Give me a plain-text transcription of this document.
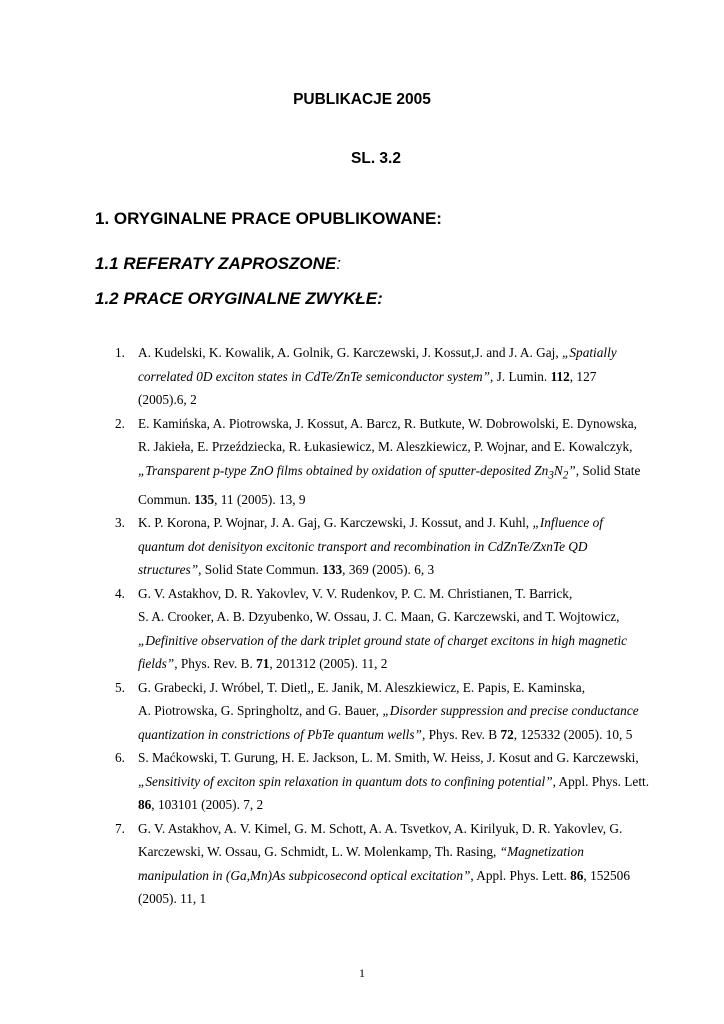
PUBLIKACJE 2005
SL. 3.2
1. ORYGINALNE PRACE OPUBLIKOWANE:
1.1 REFERATY ZAPROSZONE:
1.2 PRACE ORYGINALNE ZWYKŁE:
1. A. Kudelski, K. Kowalik, A. Golnik, G. Karczewski, J. Kossut,J. and J. A. Gaj, „Spatially
correlated 0D exciton states in CdTe/ZnTe semiconductor system”, J. Lumin. 112, 127
(2005).6, 2
2. E. Kamińska, A. Piotrowska, J. Kossut, A. Barcz, R. Butkute, W. Dobrowolski, E. Dynowska,
R. Jakieła, E. Przeździecka, R. Łukasiewicz, M. Aleszkiewicz, P. Wojnar, and E. Kowalczyk,
„Transparent p-type ZnO films obtained by oxidation of sputter-deposited $Zn_3N_2$”, Solid State
Commun. 135, 11 (2005). 13, 9
3. K. P. Korona, P. Wojnar, J. A. Gaj, G. Karczewski, J. Kossut, and J. Kuhl, „Influence of
quantum dot denisityon excitonic transport and recombination in CdZnTe/ZxnTe QD
structures”, Solid State Commun. 133, 369 (2005). 6, 3
4. G. V. Astakhov, D. R. Yakovlev, V. V. Rudenkov, P. C. M. Christianen, T. Barrick,
S. A. Crooker, A. B. Dzyubenko, W. Ossau, J. C. Maan, G. Karczewski, and T. Wojtowicz,
„Definitive observation of the dark triplet ground state of charget excitons in high magnetic
fields”, Phys. Rev. B. 71, 201312 (2005). 11, 2
5. G. Grabecki, J. Wróbel, T. Dietl,, E. Janik, M. Aleszkiewicz, E. Papis, E. Kaminska,
A. Piotrowska, G. Springholtz, and G. Bauer, „Disorder suppression and precise conductance
quantization in constrictions of PbTe quantum wells”, Phys. Rev. B 72, 125332 (2005). 10, 5
6. S. Maćkowski, T. Gurung, H. E. Jackson, L. M. Smith, W. Heiss, J. Kosut and G. Karczewski,
„Sensitivity of exciton spin relaxation in quantum dots to confining potential”, Appl. Phys. Lett.
86, 103101 (2005). 7, 2
7. G. V. Astakhov, A. V. Kimel, G. M. Schott, A. A. Tsvetkov, A. Kirilyuk, D. R. Yakovlev, G.
Karczewski, W. Ossau, G. Schmidt, L. W. Molenkamp, Th. Rasing, “Magnetization
manipulation in (Ga,Mn)As subpicosecond optical excitation”, Appl. Phys. Lett. 86, 152506
(2005). 11, 1
1
